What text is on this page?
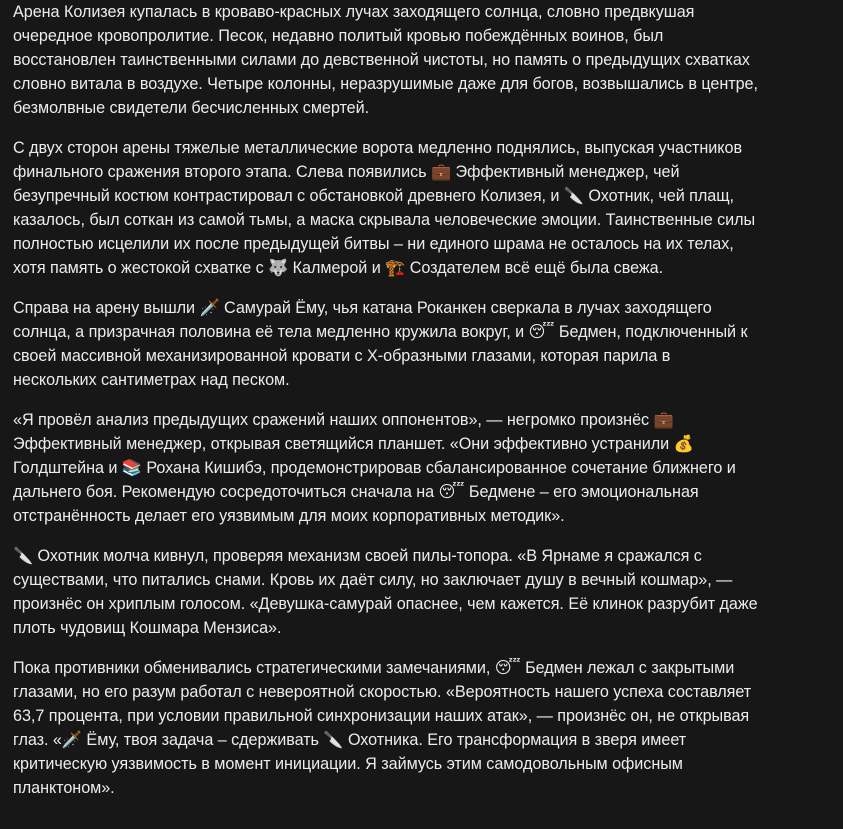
Арена Колизея купалась в кроваво-красных лучах заходящего солнца, словно предвкушая очередное кровопролитие. Песок, недавно политый кровью побеждённых воинов, был восстановлен таинственными силами до девственной чистоты, но память о предыдущих схватках словно витала в воздухе. Четыре колонны, неразрушимые даже для богов, возвышались в центре, безмолвные свидетели бесчисленных смертей.

С двух сторон арены тяжелые металлические ворота медленно поднялись, выпуская участников финального сражения второго этапа. Слева появились 💼 Эффективный менеджер, чей безупречный костюм контрастировал с обстановкой древнего Колизея, и 🔪 Охотник, чей плащ, казалось, был соткан из самой тьмы, а маска скрывала человеческие эмоции. Таинственные силы полностью исцелили их после предыдущей битвы – ни единого шрама не осталось на их телах, хотя память о жестокой схватке с 🐺 Калмерой и 🏗️ Создателем всё ещё была свежа.

Справа на арену вышли 🗡️ Самурай Ёму, чья катана Роканкен сверкала в лучах заходящего солнца, а призрачная половина её тела медленно кружила вокруг, и 😴 Бедмен, подключенный к своей массивной механизированной кровати с X-образными глазами, которая парила в нескольких сантиметрах над песком.

«Я провёл анализ предыдущих сражений наших оппонентов», — негромко произнёс 💼 Эффективный менеджер, открывая светящийся планшет. «Они эффективно устранили 💰 Голдштейна и 📚 Рохана Кишибэ, продемонстрировав сбалансированное сочетание ближнего и дальнего боя. Рекомендую сосредоточиться сначала на 😴 Бедмене – его эмоциональная отстранённость делает его уязвимым для моих корпоративных методик».

🔪 Охотник молча кивнул, проверяя механизм своей пилы-топора. «В Ярнаме я сражался с существами, что питались снами. Кровь их даёт силу, но заключает душу в вечный кошмар», — произнёс он хриплым голосом. «Девушка-самурай опаснее, чем кажется. Её клинок разрубит даже плоть чудовищ Кошмара Мензиса».

Пока противники обменивались стратегическими замечаниями, 😴 Бедмен лежал с закрытыми глазами, но его разум работал с невероятной скоростью. «Вероятность нашего успеха составляет 63,7 процента, при условии правильной синхронизации наших атак», — произнёс он, не открывая глаз. «🗡️ Ёму, твоя задача – сдерживать 🔪 Охотника. Его трансформация в зверя имеет критическую уязвимость в момент инициации. Я займусь этим самодовольным офисным планктоном».
